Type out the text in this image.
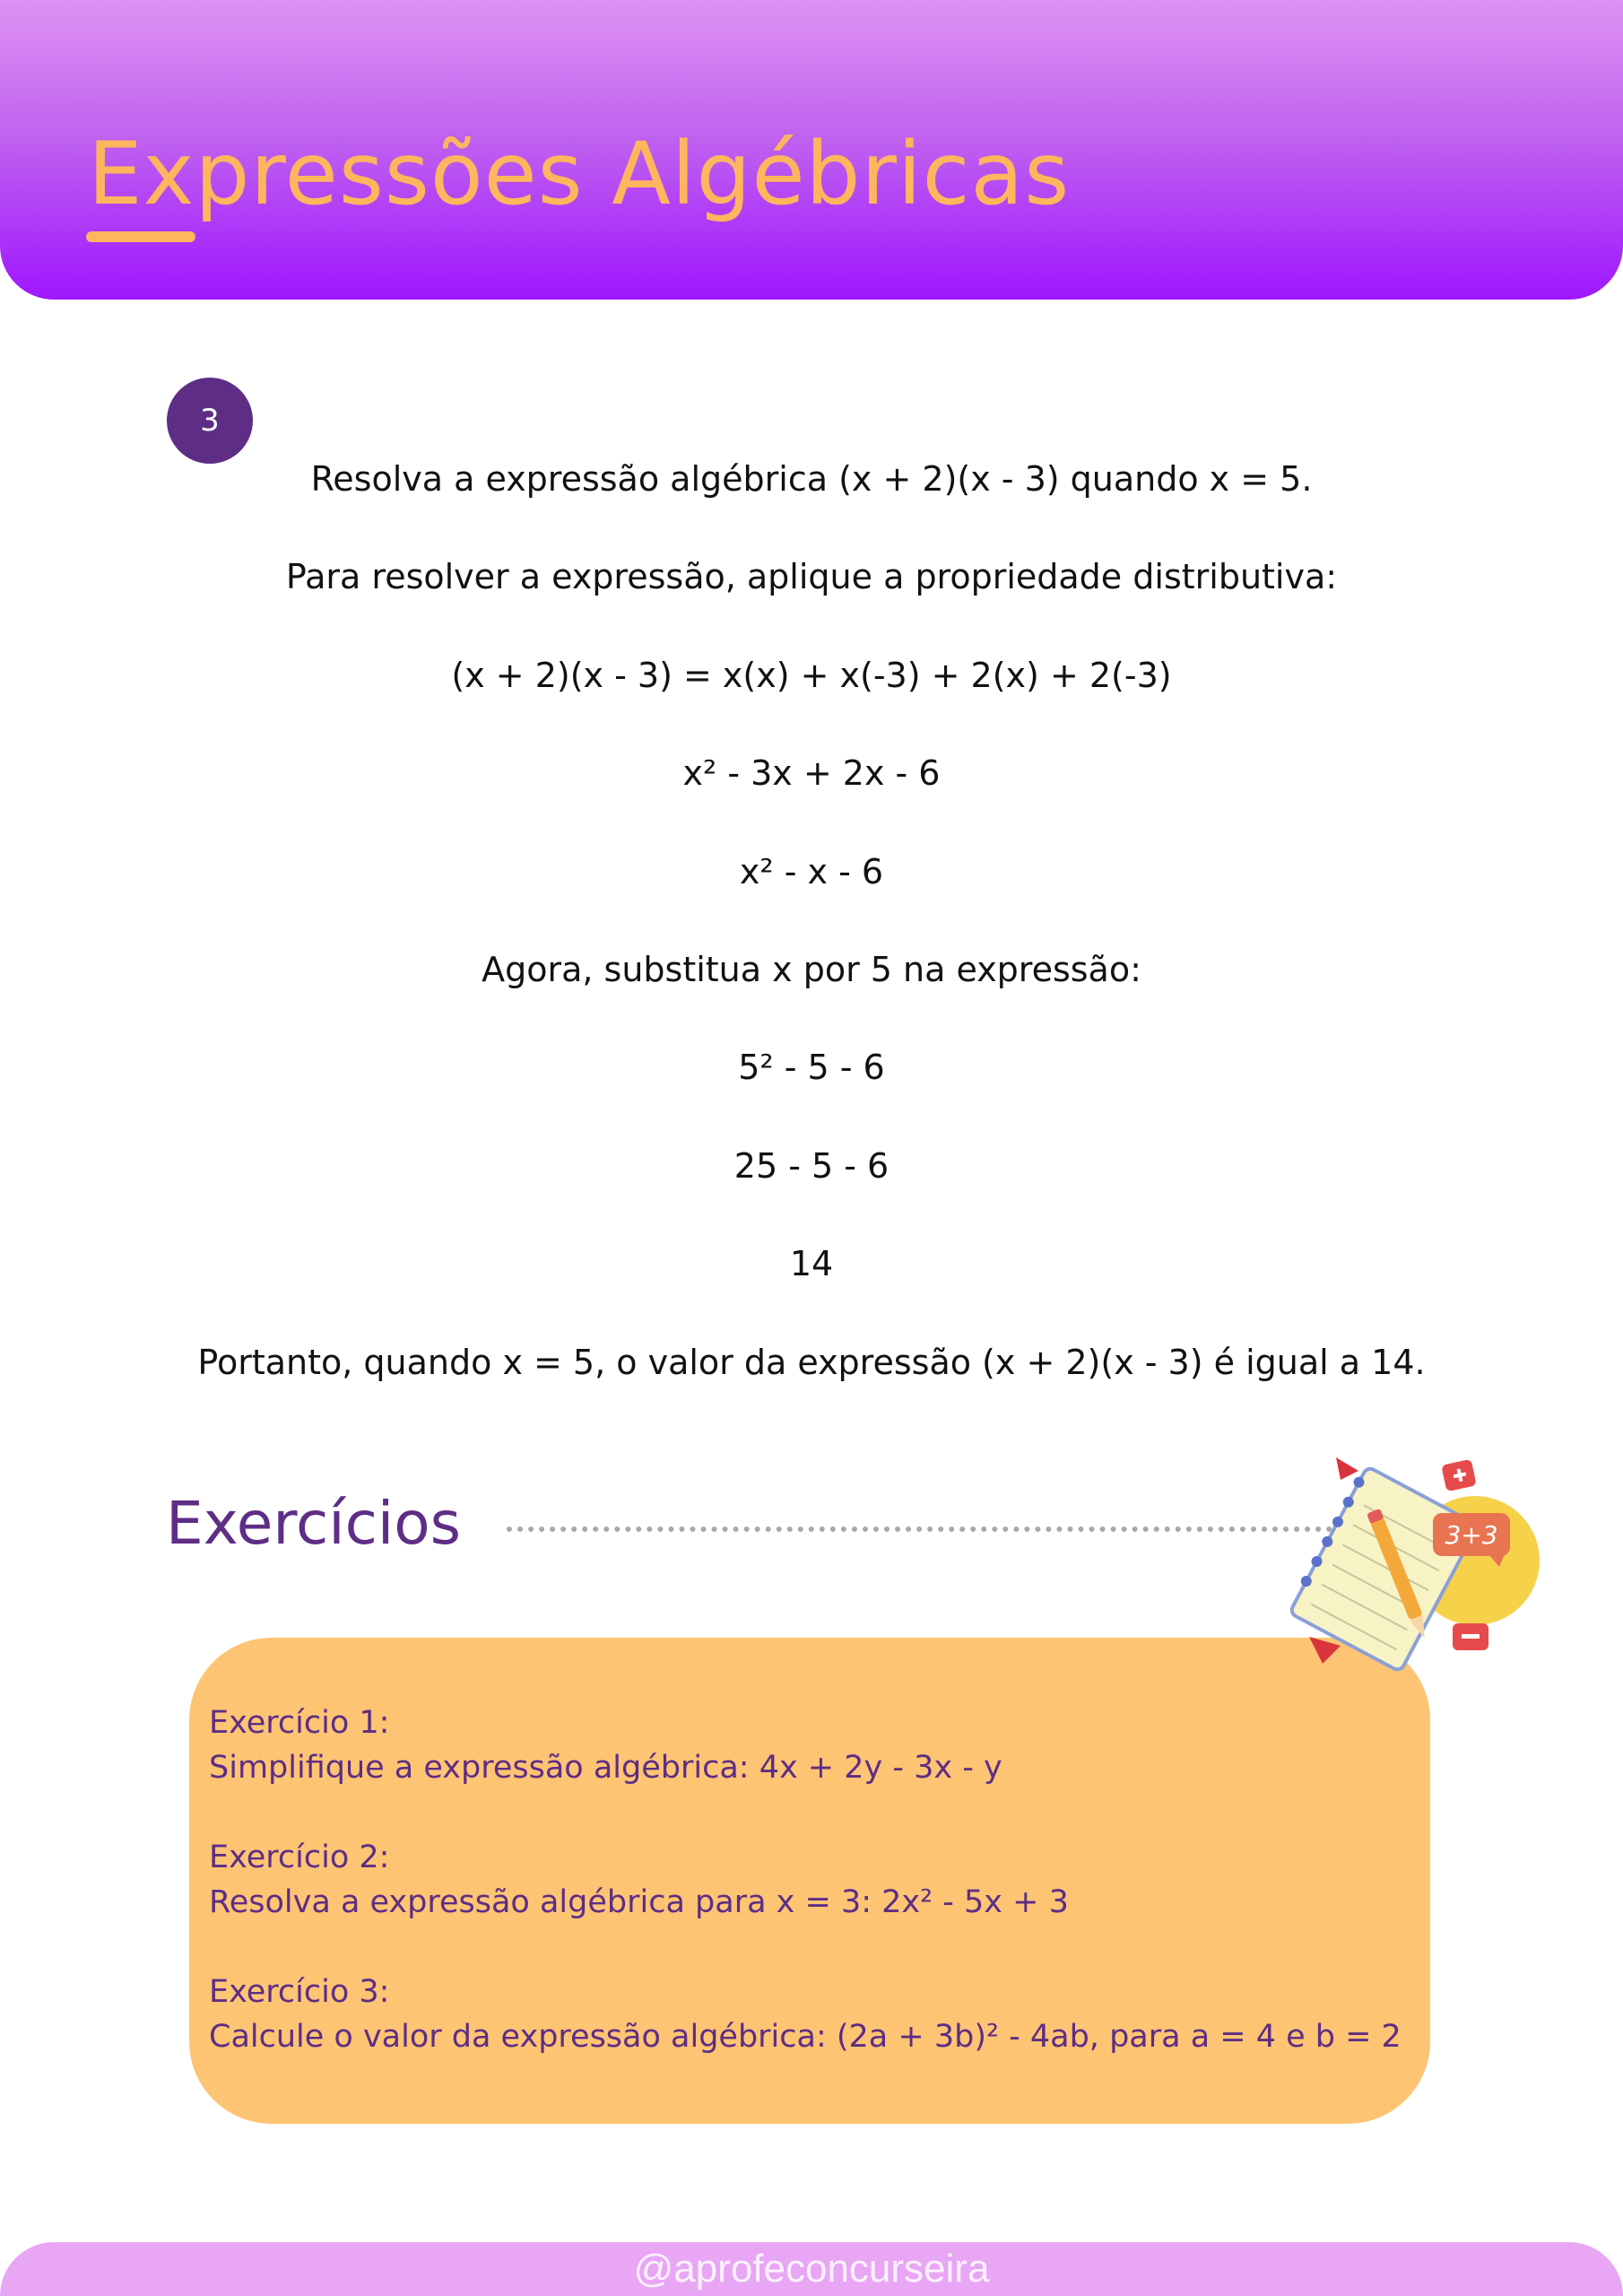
Expressões Algébricas
3
Resolva a expressão algébrica (x + 2)(x - 3) quando x = 5.
Para resolver a expressão, aplique a propriedade distributiva:
(x + 2)(x - 3) = x(x) + x(-3) + 2(x) + 2(-3)
x² - 3x + 2x - 6
x² - x - 6
Agora, substitua x por 5 na expressão:
5² - 5 - 6
25 - 5 - 6
14
Portanto, quando x = 5, o valor da expressão (x + 2)(x - 3) é igual a 14.
Exercícios

Exercício 1:

Simplifique a expressão algébrica: 4x + 2y - 3x - y

Exercício 2:

Resolva a expressão algébrica para x = 3: 2x² - 5x + 3

Exercício 3:

Calcule o valor da expressão algébrica: (2a + 3b)² - 4ab, para a = 4 e b = 2

3+3
@aprofeconcurseira
